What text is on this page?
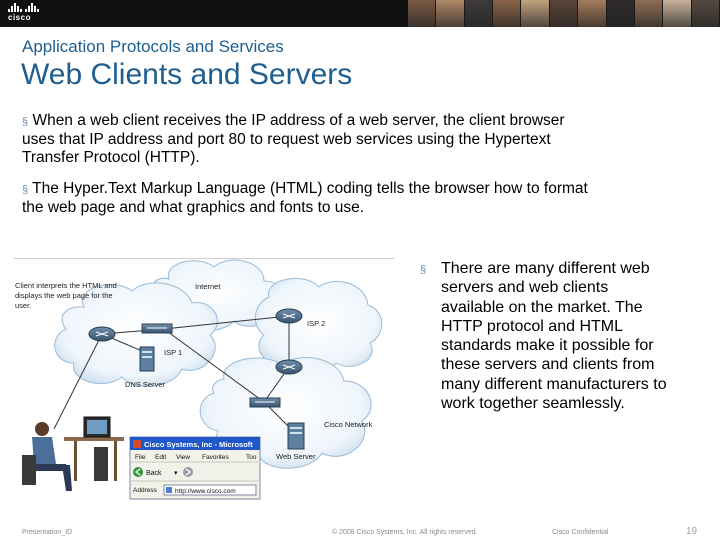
cisco
Application Protocols and Services
Web Clients and Servers
§ When a web client receives the IP address of a web server, the client browser
uses that IP address and port 80 to request web services using the Hypertext
Transfer Protocol (HTTP).
§ The Hyper.Text Markup Language (HTML) coding tells the browser how to format
the web page and what graphics and fonts to use.
§ There are many different web
servers and web clients
available on the market. The
HTTP protocol and HTML
standards make it possible for
these servers and clients from
many different manufacturers to
work together seamlessly.
Client interprets the HTML and displays the web page for the user.
Internet
ISP 1
ISP 2
DNS Server
Cisco Network
Web Server
Cisco Systems, Inc - Microsoft
File Edit View Favorites	Too
Back ▾
Address	http://www.cisco.com
Presentation_ID	© 2008 Cisco Systems, Inc. All rights reserved.	Cisco Confidential	19
